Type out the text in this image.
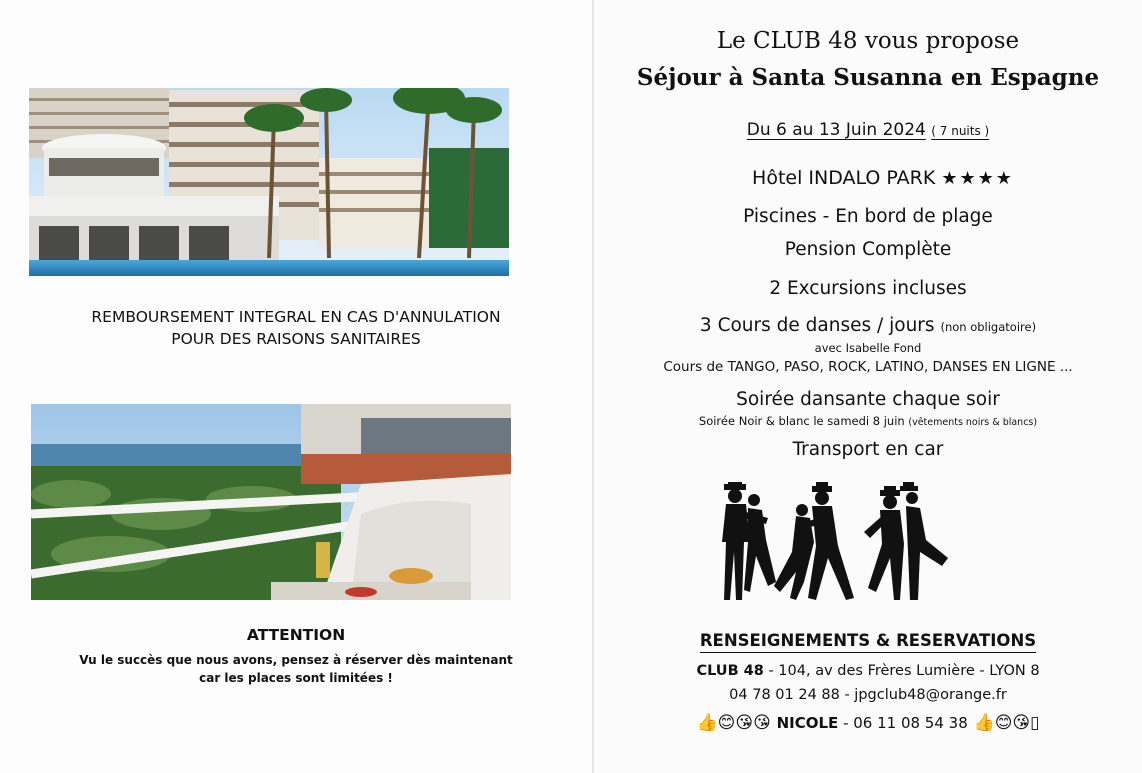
REMBOURSEMENT INTEGRAL EN CAS D'ANNULATION
POUR DES RAISONS SANITAIRES
ATTENTION
Vu le succès que nous avons, pensez à réserver dès maintenant
car les places sont limitées !
Le CLUB 48 vous propose
Séjour à Santa Susanna en Espagne
Du 6 au 13 Juin 2024 ( 7 nuits )
Hôtel INDALO PARK ★★★★
Piscines - En bord de plage
Pension Complète
2 Excursions incluses
3 Cours de danses / jours (non obligatoire)
avec Isabelle Fond
Cours de TANGO, PASO, ROCK, LATINO, DANSES EN LIGNE ...
Soirée dansante chaque soir
Soirée Noir & blanc le samedi 8 juin (vêtements noirs & blancs)
Transport en car
RENSEIGNEMENTS & RESERVATIONS
CLUB 48 - 104, av des Frères Lumière - LYON 8
04 78 01 24 88 - jpgclub48@orange.fr
👍😊😘😘 NICOLE - 06 11 08 54 38 👍😊😘▯
